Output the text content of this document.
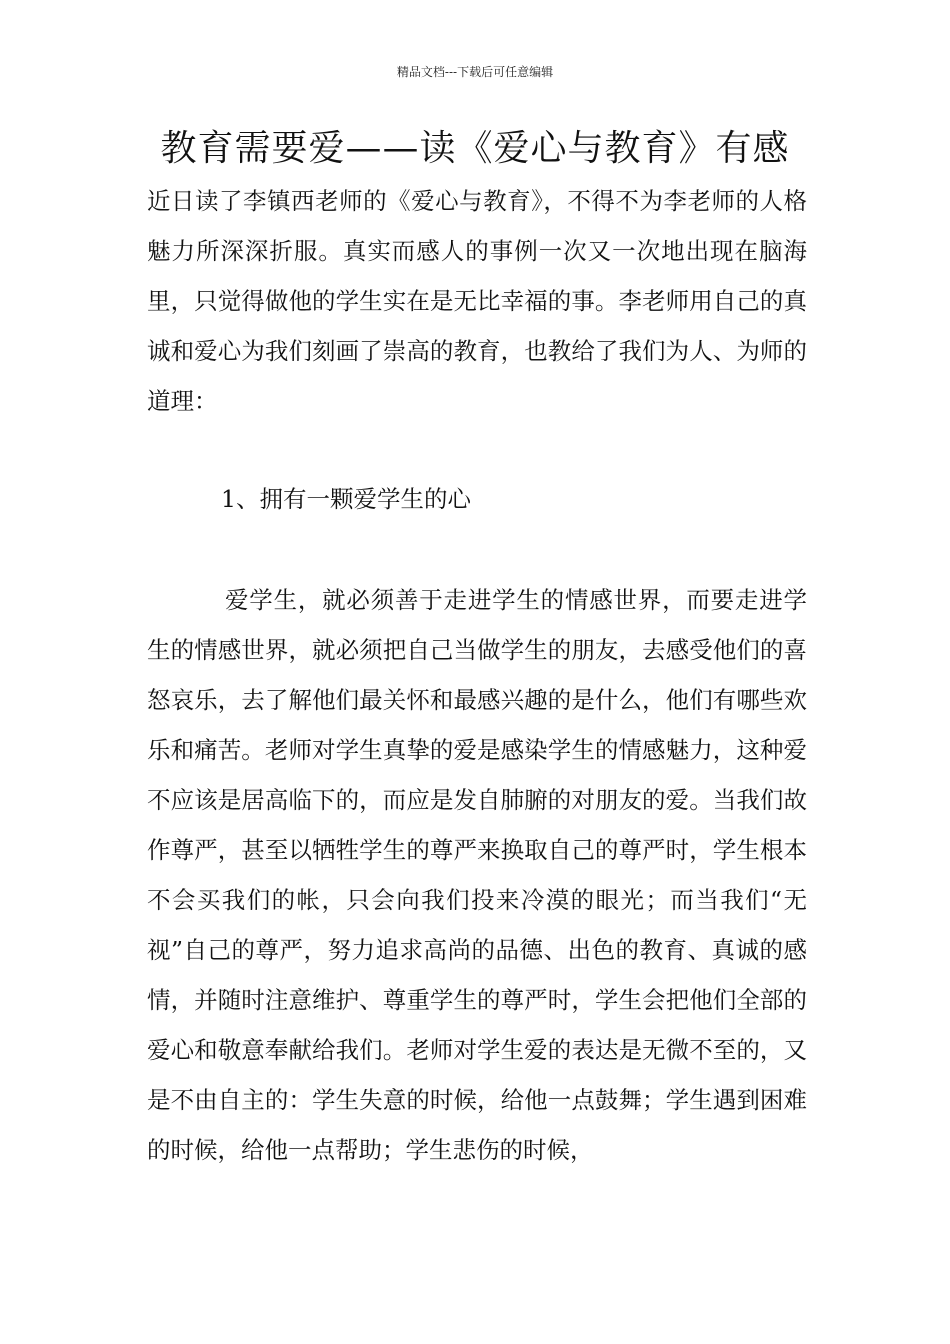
精品文档---下载后可任意编辑
教育需要爱——读《爱心与教育》有感

近日读了李镇西老师的《爱心与教育》，不得不为李老师的人格魅力所深深折服。真实而感人的事例一次又一次地出现在脑海里，只觉得做他的学生实在是无比幸福的事。李老师用自己的真诚和爱心为我们刻画了崇高的教育，也教给了我们为人、为师的道理：

1、拥有一颗爱学生的心

爱学生，就必须善于走进学生的情感世界，而要走进学生的情感世界，就必须把自己当做学生的朋友，去感受他们的喜怒哀乐，去了解他们最关怀和最感兴趣的是什么，他们有哪些欢乐和痛苦。老师对学生真挚的爱是感染学生的情感魅力，这种爱不应该是居高临下的，而应是发自肺腑的对朋友的爱。当我们故作尊严，甚至以牺牲学生的尊严来换取自己的尊严时，学生根本不会买我们的帐，只会向我们投来冷漠的眼光；而当我们“无视”自己的尊严，努力追求高尚的品德、出色的教育、真诚的感情，并随时注意维护、尊重学生的尊严时，学生会把他们全部的爱心和敬意奉献给我们。老师对学生爱的表达是无微不至的，又是不由自主的：学生失意的时候，给他一点鼓舞；学生遇到困难的时候，给他一点帮助；学生悲伤的时候，
